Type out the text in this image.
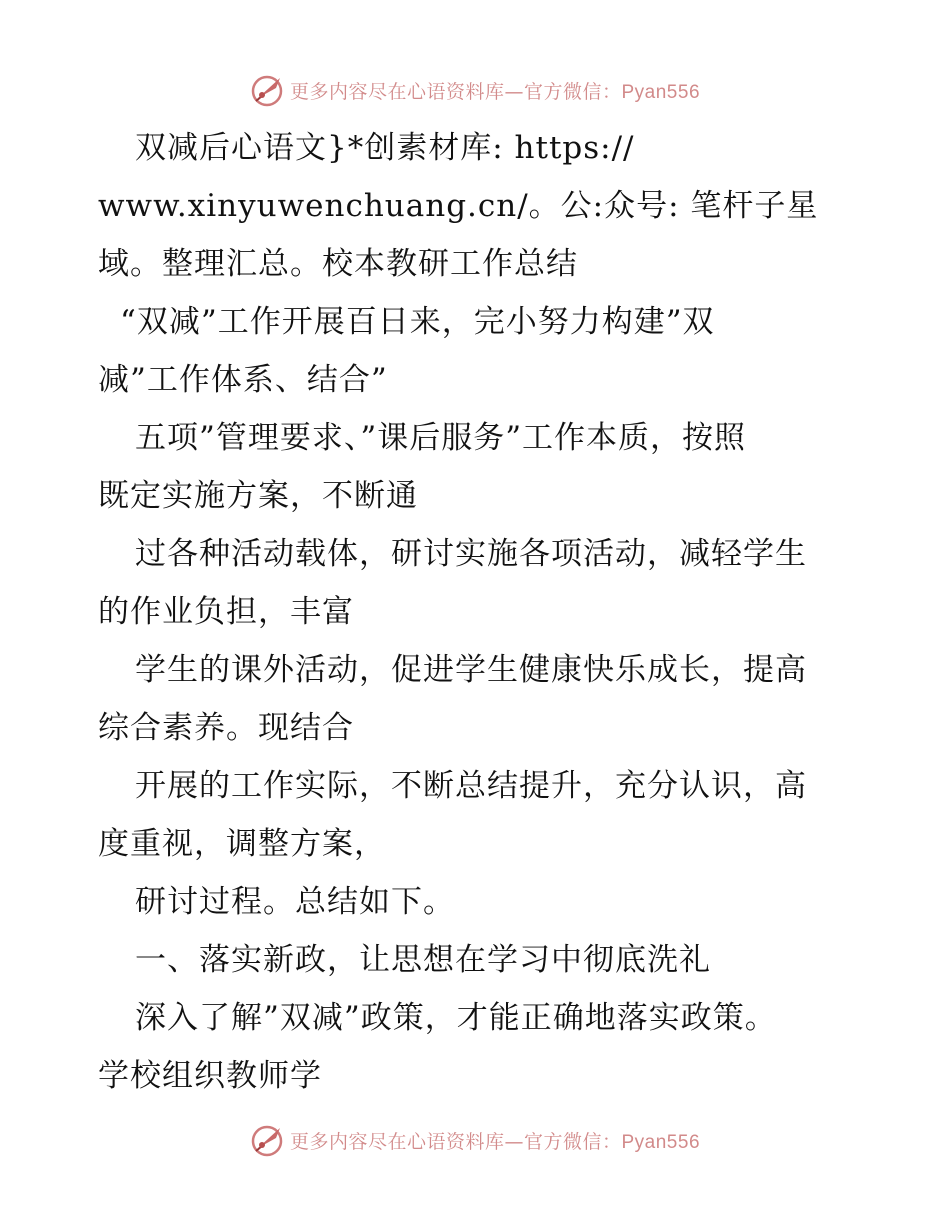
更多内容尽在心语资料库—官方微信：Pyan556
双减后心语文}*创素材库: https://
www.xinyuwenchuang.cn/。公:众号: 笔杆子星
域。整理汇总。校本教研工作总结
“双减”工作开展百日来，完小努力构建”双
减”工作体系、结合”
五项”管理要求、”课后服务”工作本质，按照
既定实施方案，不断通
过各种活动载体，研讨实施各项活动，减轻学生
的作业负担，丰富
学生的课外活动，促进学生健康快乐成长，提高
综合素养。现结合
开展的工作实际，不断总结提升，充分认识，高
度重视，调整方案，
研讨过程。总结如下。
一、落实新政，让思想在学习中彻底洗礼
深入了解”双减”政策，才能正确地落实政策。
学校组织教师学
更多内容尽在心语资料库—官方微信：Pyan556
